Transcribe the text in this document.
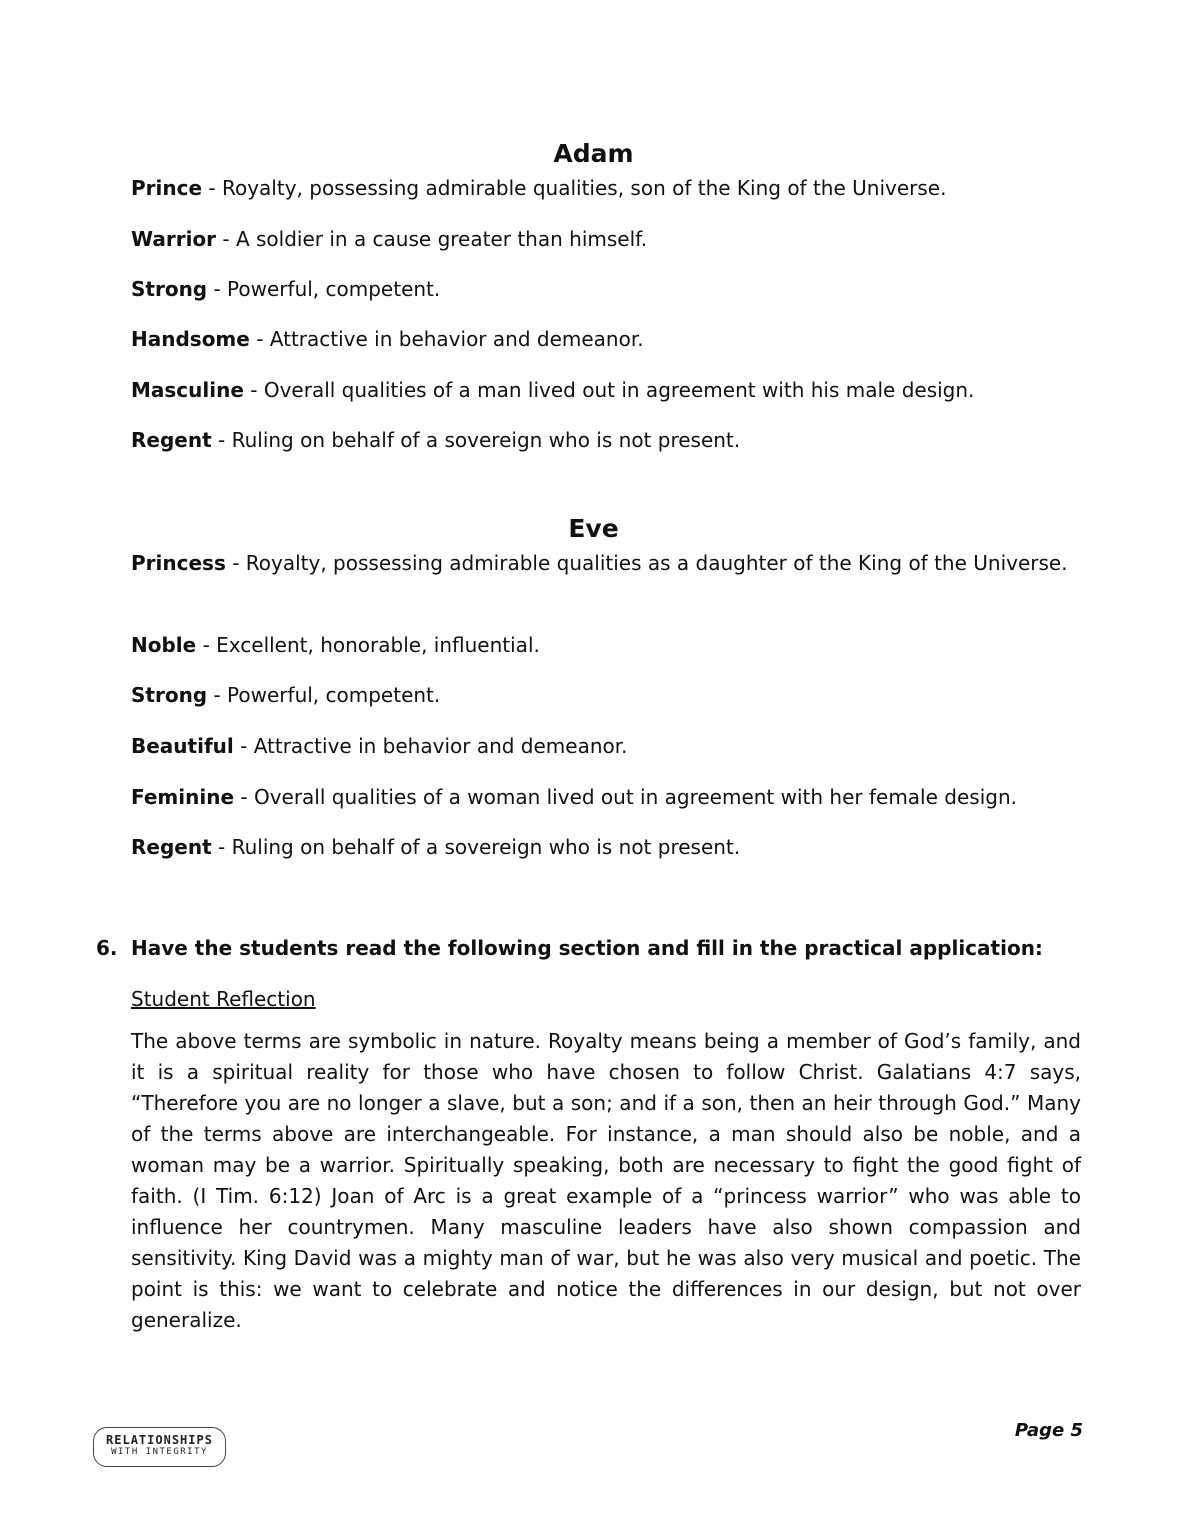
Adam
Prince - Royalty, possessing admirable qualities, son of the King of the Universe.
Warrior - A soldier in a cause greater than himself.
Strong - Powerful, competent.
Handsome - Attractive in behavior and demeanor.
Masculine - Overall qualities of a man lived out in agreement with his male design.
Regent - Ruling on behalf of a sovereign who is not present.
Eve
Princess - Royalty, possessing admirable qualities as a daughter of the King of the Universe.
Noble - Excellent, honorable, influential.
Strong - Powerful, competent.
Beautiful - Attractive in behavior and demeanor.
Feminine - Overall qualities of a woman lived out in agreement with her female design.
Regent - Ruling on behalf of a sovereign who is not present.
6. Have the students read the following section and fill in the practical application:
Student Reflection
The above terms are symbolic in nature. Royalty means being a member of God’s family, and it is a spiritual reality for those who have chosen to follow Christ. Galatians 4:7 says, “Therefore you are no longer a slave, but a son; and if a son, then an heir through God.” Many of the terms above are interchangeable. For instance, a man should also be noble, and a woman may be a warrior. Spiritually speaking, both are necessary to fight the good fight of faith. (I Tim. 6:12) Joan of Arc is a great example of a “princess warrior” who was able to influence her countrymen. Many masculine leaders have also shown compassion and sensitivity. King David was a mighty man of war, but he was also very musical and poetic. The point is this: we want to celebrate and notice the differences in our design, but not over generalize.
RELATIONSHIPS
WITH INTEGRITY
Page 5
